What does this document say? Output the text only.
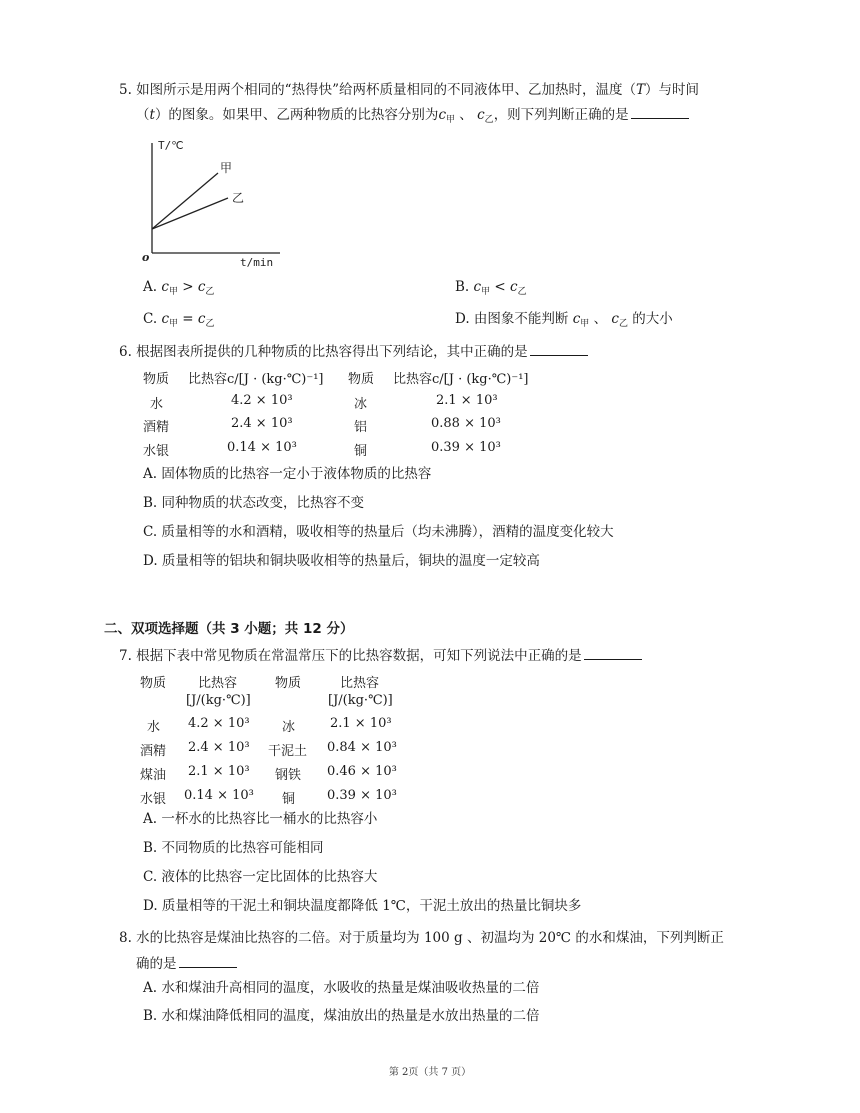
5. 如图所示是用两个相同的“热得快”给两杯质量相同的不同液体甲、乙加热时，温度（T）与时间
（t）的图象。如果甲、乙两种物质的比热容分别为$c_甲$ 、 $c_乙$，则下列判断正确的是
T/℃
t/min
o
甲
乙
A. $c_甲 > c_乙$	B. $c_甲 < c_乙$
C. $c_甲 = c_乙$	D. 由图象不能判断 $c_甲$ 、 $c_乙$ 的大小
6. 根据图表所提供的几种物质的比热容得出下列结论，其中正确的是
物质 比热容c/[J · (kg·℃)⁻¹] 物质 比热容c/[J · (kg·℃)⁻¹]
水	4.2 × 10³	冰	2.1 × 10³
酒精	2.4 × 10³	铝	0.88 × 10³
水银	0.14 × 10³	铜	0.39 × 10³
A. 固体物质的比热容一定小于液体物质的比热容
B. 同种物质的状态改变，比热容不变
C. 质量相等的水和酒精，吸收相等的热量后（均未沸腾），酒精的温度变化较大
D. 质量相等的铝块和铜块吸收相等的热量后，铜块的温度一定较高
二、双项选择题（共 3 小题；共 12 分）
7. 根据下表中常见物质在常温常压下的比热容数据，可知下列说法中正确的是
物质 比热容	物质	比热容
[J/(kg·℃)]	[J/(kg·℃)]
水 4.2 × 10³ 冰	2.1 × 10³
酒精 2.4 × 10³ 干泥土 0.84 × 10³
煤油 2.1 × 10³ 钢铁 0.46 × 10³
水银 0.14 × 10³ 铜 0.39 × 10³
A. 一杯水的比热容比一桶水的比热容小
B. 不同物质的比热容可能相同
C. 液体的比热容一定比固体的比热容大
D. 质量相等的干泥土和铜块温度都降低 1℃，干泥土放出的热量比铜块多
8. 水的比热容是煤油比热容的二倍。对于质量均为 100 g 、初温均为 20℃ 的水和煤油，下列判断正
确的是
A. 水和煤油升高相同的温度，水吸收的热量是煤油吸收热量的二倍
B. 水和煤油降低相同的温度，煤油放出的热量是水放出热量的二倍
第 2页（共 7 页）
